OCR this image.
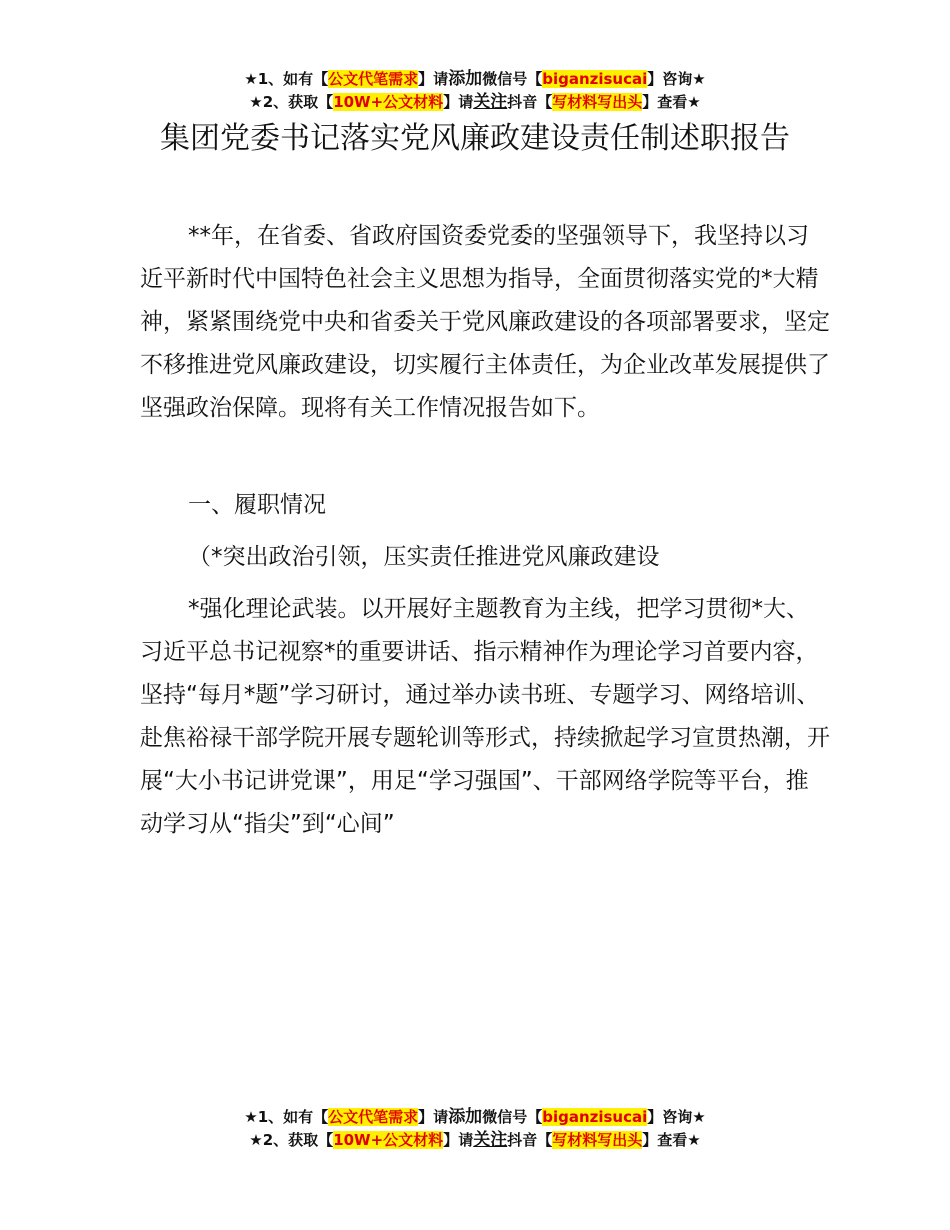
★1、如有【公文代笔需求】请添加微信号【biganzisucai】咨询★
★2、获取【10W+公文材料】请关注抖音【写材料写出头】查看★
集团党委书记落实党风廉政建设责任制述职报告

**年，在省委、省政府国资委党委的坚强领导下，我坚持以习近平新时代中国特色社会主义思想为指导，全面贯彻落实党的*大精神，紧紧围绕党中央和省委关于党风廉政建设的各项部署要求，坚定不移推进党风廉政建设，切实履行主体责任，为企业改革发展提供了坚强政治保障。现将有关工作情况报告如下。

一、履职情况

（*突出政治引领，压实责任推进党风廉政建设

*强化理论武装。以开展好主题教育为主线，把学习贯彻*大、习近平总书记视察*的重要讲话、指示精神作为理论学习首要内容，坚持“每月*题”学习研讨，通过举办读书班、专题学习、网络培训、赴焦裕禄干部学院开展专题轮训等形式，持续掀起学习宣贯热潮，开展“大小书记讲党课”，用足“学习强国”、干部网络学院等平台，推动学习从“指尖”到“心间”

★1、如有【公文代笔需求】请添加微信号【biganzisucai】咨询★
★2、获取【10W+公文材料】请关注抖音【写材料写出头】查看★
